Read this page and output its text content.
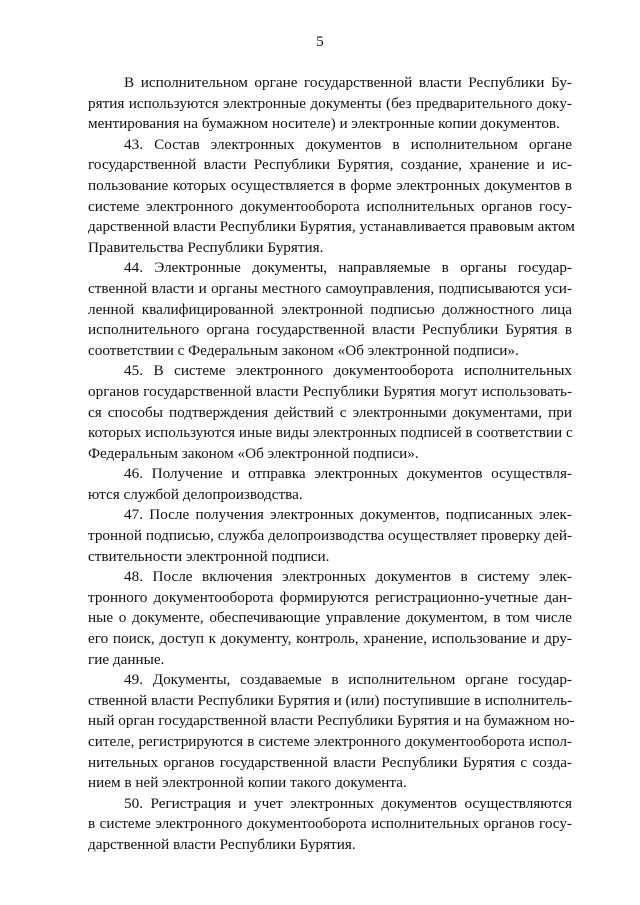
5
В исполнительном органе государственной власти Республики Бу-
рятия используются электронные документы (без предварительного доку-
ментирования на бумажном носителе) и электронные копии документов.
43. Состав электронных документов в исполнительном органе
государственной власти Республики Бурятия, создание, хранение и ис-
пользование которых осуществляется в форме электронных документов в
системе электронного документооборота исполнительных органов госу-
дарственной власти Республики Бурятия, устанавливается правовым актом
Правительства Республики Бурятия.
44. Электронные документы, направляемые в органы государ-
ственной власти и органы местного самоуправления, подписываются уси-
ленной квалифицированной электронной подписью должностного лица
исполнительного органа государственной власти Республики Бурятия в
соответствии с Федеральным законом «Об электронной подписи».
45. В системе электронного документооборота исполнительных
органов государственной власти Республики Бурятия могут использовать-
ся способы подтверждения действий с электронными документами, при
которых используются иные виды электронных подписей в соответствии с
Федеральным законом «Об электронной подписи».
46. Получение и отправка электронных документов осуществля-
ются службой делопроизводства.
47. После получения электронных документов, подписанных элек-
тронной подписью, служба делопроизводства осуществляет проверку дей-
ствительности электронной подписи.
48. После включения электронных документов в систему элек-
тронного документооборота формируются регистрационно-учетные дан-
ные о документе, обеспечивающие управление документом, в том числе
его поиск, доступ к документу, контроль, хранение, использование и дру-
гие данные.
49. Документы, создаваемые в исполнительном органе государ-
ственной власти Республики Бурятия и (или) поступившие в исполнитель-
ный орган государственной власти Республики Бурятия и на бумажном но-
сителе, регистрируются в системе электронного документооборота испол-
нительных органов государственной власти Республики Бурятия с созда-
нием в ней электронной копии такого документа.
50. Регистрация и учет электронных документов осуществляются
в системе электронного документооборота исполнительных органов госу-
дарственной власти Республики Бурятия.
